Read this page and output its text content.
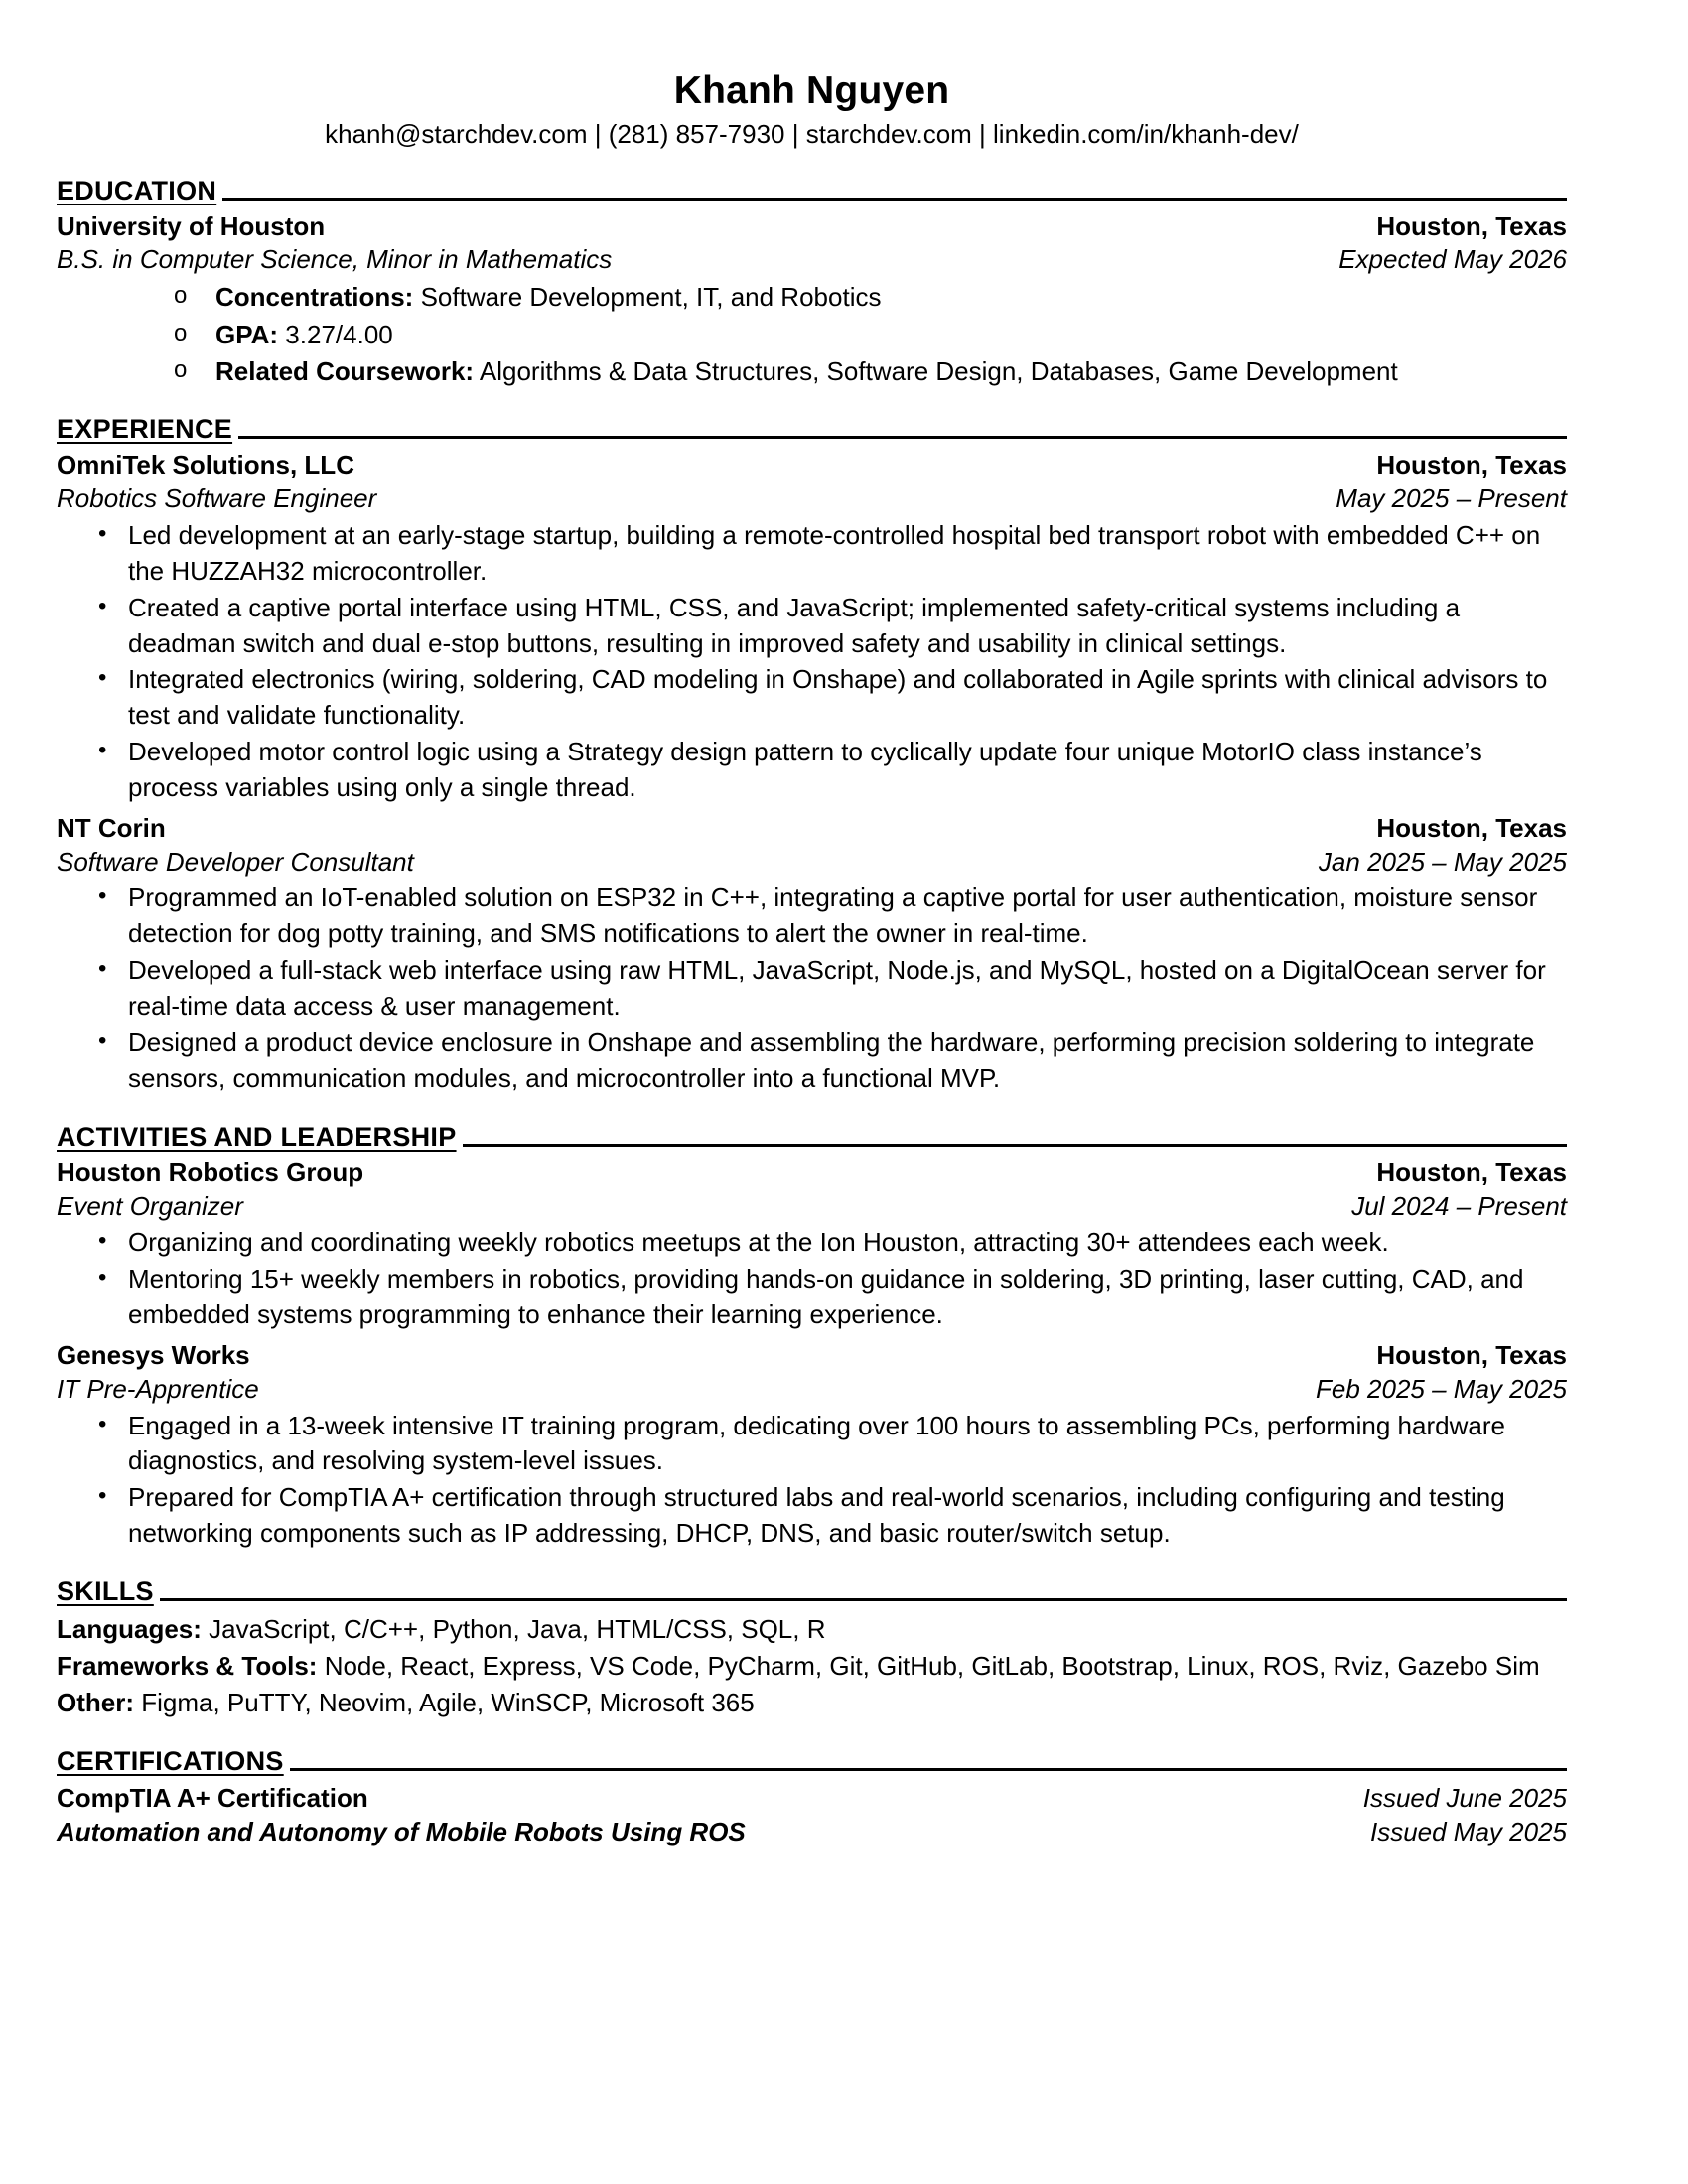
Khanh Nguyen
khanh@starchdev.com | (281) 857-7930 | starchdev.com | linkedin.com/in/khanh-dev/
EDUCATION
University of Houston	Houston, Texas
B.S. in Computer Science, Minor in Mathematics	Expected May 2026
o Concentrations: Software Development, IT, and Robotics
o GPA: 3.27/4.00
o Related Coursework: Algorithms & Data Structures, Software Design, Databases, Game Development
EXPERIENCE
OmniTek Solutions, LLC	Houston, Texas
Robotics Software Engineer	May 2025 – Present
• Led development at an early-stage startup, building a remote-controlled hospital bed transport robot with embedded C++ on the HUZZAH32 microcontroller.
• Created a captive portal interface using HTML, CSS, and JavaScript; implemented safety-critical systems including a deadman switch and dual e-stop buttons, resulting in improved safety and usability in clinical settings.
• Integrated electronics (wiring, soldering, CAD modeling in Onshape) and collaborated in Agile sprints with clinical advisors to test and validate functionality.
• Developed motor control logic using a Strategy design pattern to cyclically update four unique MotorIO class instance’s process variables using only a single thread.
NT Corin	Houston, Texas
Software Developer Consultant	Jan 2025 – May 2025
• Programmed an IoT-enabled solution on ESP32 in C++, integrating a captive portal for user authentication, moisture sensor detection for dog potty training, and SMS notifications to alert the owner in real-time.
• Developed a full-stack web interface using raw HTML, JavaScript, Node.js, and MySQL, hosted on a DigitalOcean server for real-time data access & user management.
• Designed a product device enclosure in Onshape and assembling the hardware, performing precision soldering to integrate sensors, communication modules, and microcontroller into a functional MVP.
ACTIVITIES AND LEADERSHIP
Houston Robotics Group	Houston, Texas
Event Organizer	Jul 2024 – Present
• Organizing and coordinating weekly robotics meetups at the Ion Houston, attracting 30+ attendees each week.
• Mentoring 15+ weekly members in robotics, providing hands-on guidance in soldering, 3D printing, laser cutting, CAD, and embedded systems programming to enhance their learning experience.
Genesys Works	Houston, Texas
IT Pre-Apprentice	Feb 2025 – May 2025
• Engaged in a 13-week intensive IT training program, dedicating over 100 hours to assembling PCs, performing hardware diagnostics, and resolving system-level issues.
• Prepared for CompTIA A+ certification through structured labs and real-world scenarios, including configuring and testing networking components such as IP addressing, DHCP, DNS, and basic router/switch setup.
SKILLS
Languages: JavaScript, C/C++, Python, Java, HTML/CSS, SQL, R
Frameworks & Tools: Node, React, Express, VS Code, PyCharm, Git, GitHub, GitLab, Bootstrap, Linux, ROS, Rviz, Gazebo Sim
Other: Figma, PuTTY, Neovim, Agile, WinSCP, Microsoft 365
CERTIFICATIONS
CompTIA A+ Certification	Issued June 2025
Automation and Autonomy of Mobile Robots Using ROS	Issued May 2025
